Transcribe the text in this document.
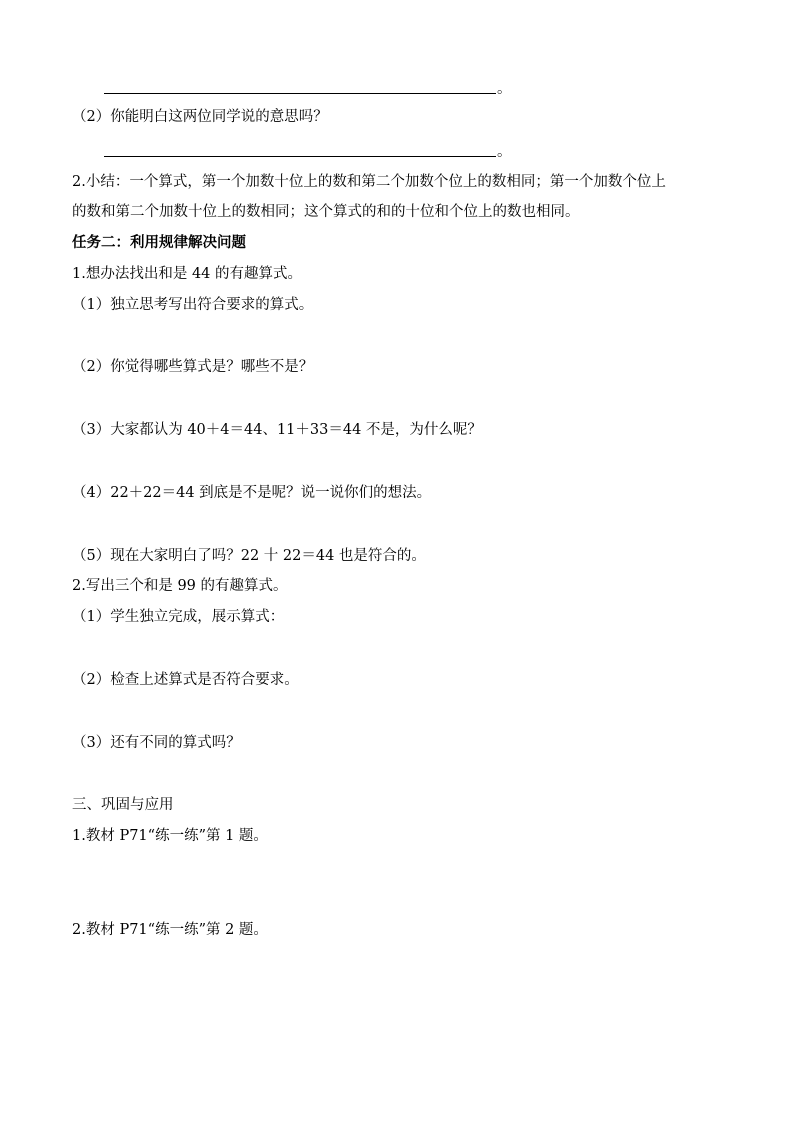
。
（2）你能明白这两位同学说的意思吗？
。
2.小结：一个算式，第一个加数十位上的数和第二个加数个位上的数相同；第一个加数个位上
的数和第二个加数十位上的数相同；这个算式的和的十位和个位上的数也相同。
任务二：利用规律解决问题
1.想办法找出和是 44 的有趣算式。
（1）独立思考写出符合要求的算式。
（2）你觉得哪些算式是？哪些不是？
（3）大家都认为 40＋4＝44、11＋33＝44 不是，为什么呢？
（4）22＋22＝44 到底是不是呢？说一说你们的想法。
（5）现在大家明白了吗？22 十 22＝44 也是符合的。
2.写出三个和是 99 的有趣算式。
（1）学生独立完成，展示算式：
（2）检查上述算式是否符合要求。
（3）还有不同的算式吗？
三、巩固与应用
1.教材 P71“练一练”第 1 题。
2.教材 P71“练一练”第 2 题。
